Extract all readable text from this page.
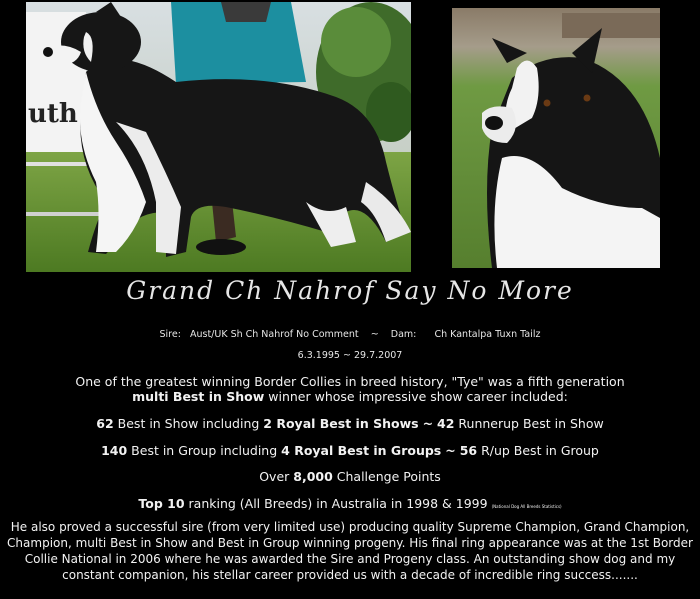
uth
Grand Ch Nahrof Say No More
Sire: Aust/UK Sh Ch Nahrof No Comment ~ Dam: Ch Kantalpa Tuxn Tailz
6.3.1995 ~ 29.7.2007
One of the greatest winning Border Collies in breed history, "Tye" was a fifth generation
multi Best in Show winner whose impressive show career included:
62 Best in Show including 2 Royal Best in Shows ~ 42 Runnerup Best in Show
140 Best in Group including 4 Royal Best in Groups ~ 56 R/up Best in Group
Over 8,000 Challenge Points
Top 10 ranking (All Breeds) in Australia in 1998 & 1999 (National Dog All Breeds Statistics)
He also proved a successful sire (from very limited use) producing quality Supreme Champion, Grand Champion, Champion, multi Best in Show and Best in Group winning progeny. His final ring appearance was at the 1st Border Collie National in 2006 where he was awarded the Sire and Progeny class. An outstanding show dog and my constant companion, his stellar career provided us with a decade of incredible ring success.......
